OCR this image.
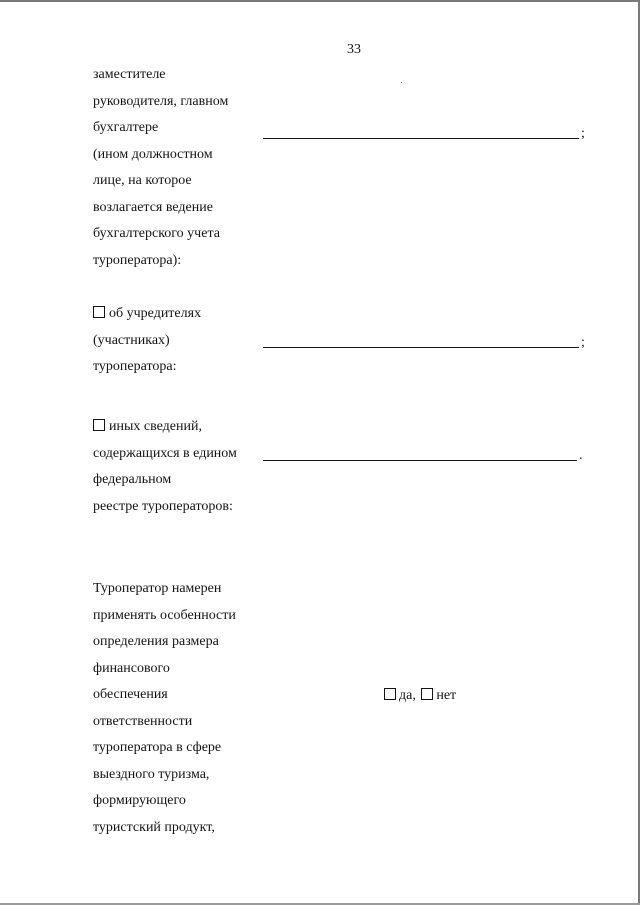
33
заместителе
руководителя, главном
бухгалтере
(ином должностном
лице, на которое
возлагается ведение
бухгалтерского учета
туроператора):
;
об учредителях
(участниках)
туроператора:
;
иных сведений,
содержащихся в едином
федеральном
реестре туроператоров:
.
Туроператор намерен
применять особенности
определения размера
финансового
обеспечения
ответственности
туроператора в сфере
выездного туризма,
формирующего
туристский продукт,
да, нет
